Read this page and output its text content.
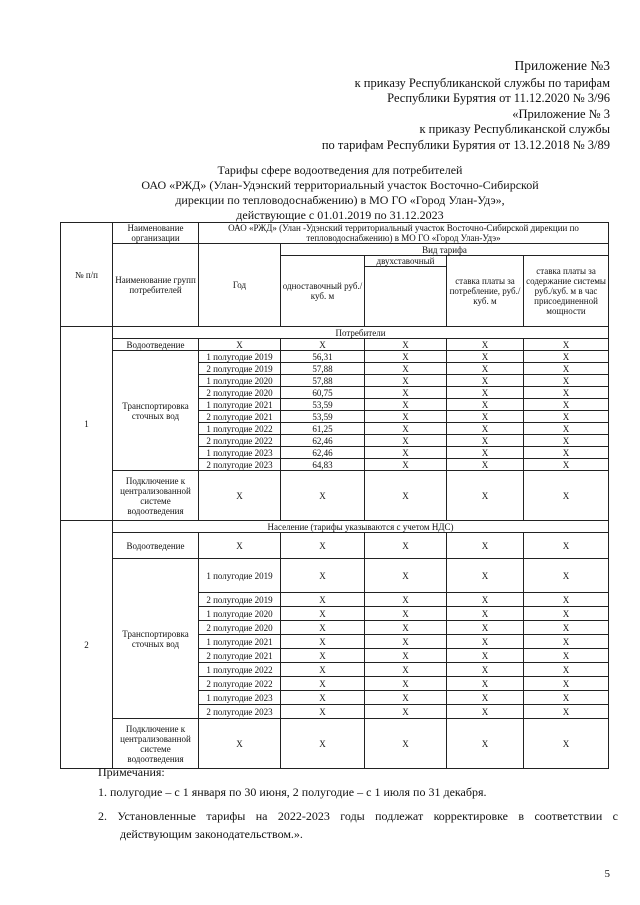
Приложение №3
к приказу Республиканской службы по тарифам
Республики Бурятия от 11.12.2020 № 3/96
«Приложение № 3
к приказу Республиканской службы
по тарифам Республики Бурятия от 13.12.2018 № 3/89
Тарифы сфере водоотведения для потребителей
ОАО «РЖД» (Улан-Удэнский территориальный участок Восточно-Сибирской
дирекции по тепловодоснабжению) в МО ГО «Город Улан-Удэ»,
действующие с 01.01.2019 по 31.12.2023
№ п/п	Наименование организации	ОАО «РЖД» (Улан -Удэнский территориальный участок Восточно-Сибирской дирекции по тепловодоснабжению) в МО ГО «Город Улан-Удэ»				
	Наименование групп потребителей	Год	Вид тарифа			
			одноставочный руб./ куб. м	двухставочный	ставка платы за потребление, руб./ куб. м	ставка платы за содержание системы руб./куб. м в час присоединенной мощности

1	Потребители					
	Водоотведение	Х	Х	Х	Х	Х
	Транспортировка сточных вод	1 полугодие 2019	56,31	Х	Х	Х
		2 полугодие 2019	57,88	Х	Х	Х
		1 полугодие 2020	57,88	Х	Х	Х
		2 полугодие 2020	60,75	Х	Х	Х
		1 полугодие 2021	53,59	Х	Х	Х
		2 полугодие 2021	53,59	Х	Х	Х
		1 полугодие 2022	61,25	Х	Х	Х
		2 полугодие 2022	62,46	Х	Х	Х
		1 полугодие 2023	62,46	Х	Х	Х
		2 полугодие 2023	64,83	Х	Х	Х
	Подключение к централизованной системе водоотведения	Х	Х	Х	Х	Х
2	Население (тарифы указываются с учетом НДС)					
	Водоотведение	Х	Х	Х	Х	Х
	Транспортировка сточных вод	1 полугодие 2019	Х	Х	Х	Х
		2 полугодие 2019	Х	Х	Х	Х
		1 полугодие 2020	Х	Х	Х	Х
		2 полугодие 2020	Х	Х	Х	Х
		1 полугодие 2021	Х	Х	Х	Х
		2 полугодие 2021	Х	Х	Х	Х
		1 полугодие 2022	Х	Х	Х	Х
		2 полугодие 2022	Х	Х	Х	Х
		1 полугодие 2023	Х	Х	Х	Х
		2 полугодие 2023	Х	Х	Х	Х
	Подключение к централизованной системе водоотведения	Х	Х	Х	Х	Х
Примечания:
1. полугодие – с 1 января по 30 июня, 2 полугодие – с 1 июля по 31 декабря.
2. Установленные тарифы на 2022-2023 годы подлежат корректировке в соответствии с действующим законодательством.».
5
